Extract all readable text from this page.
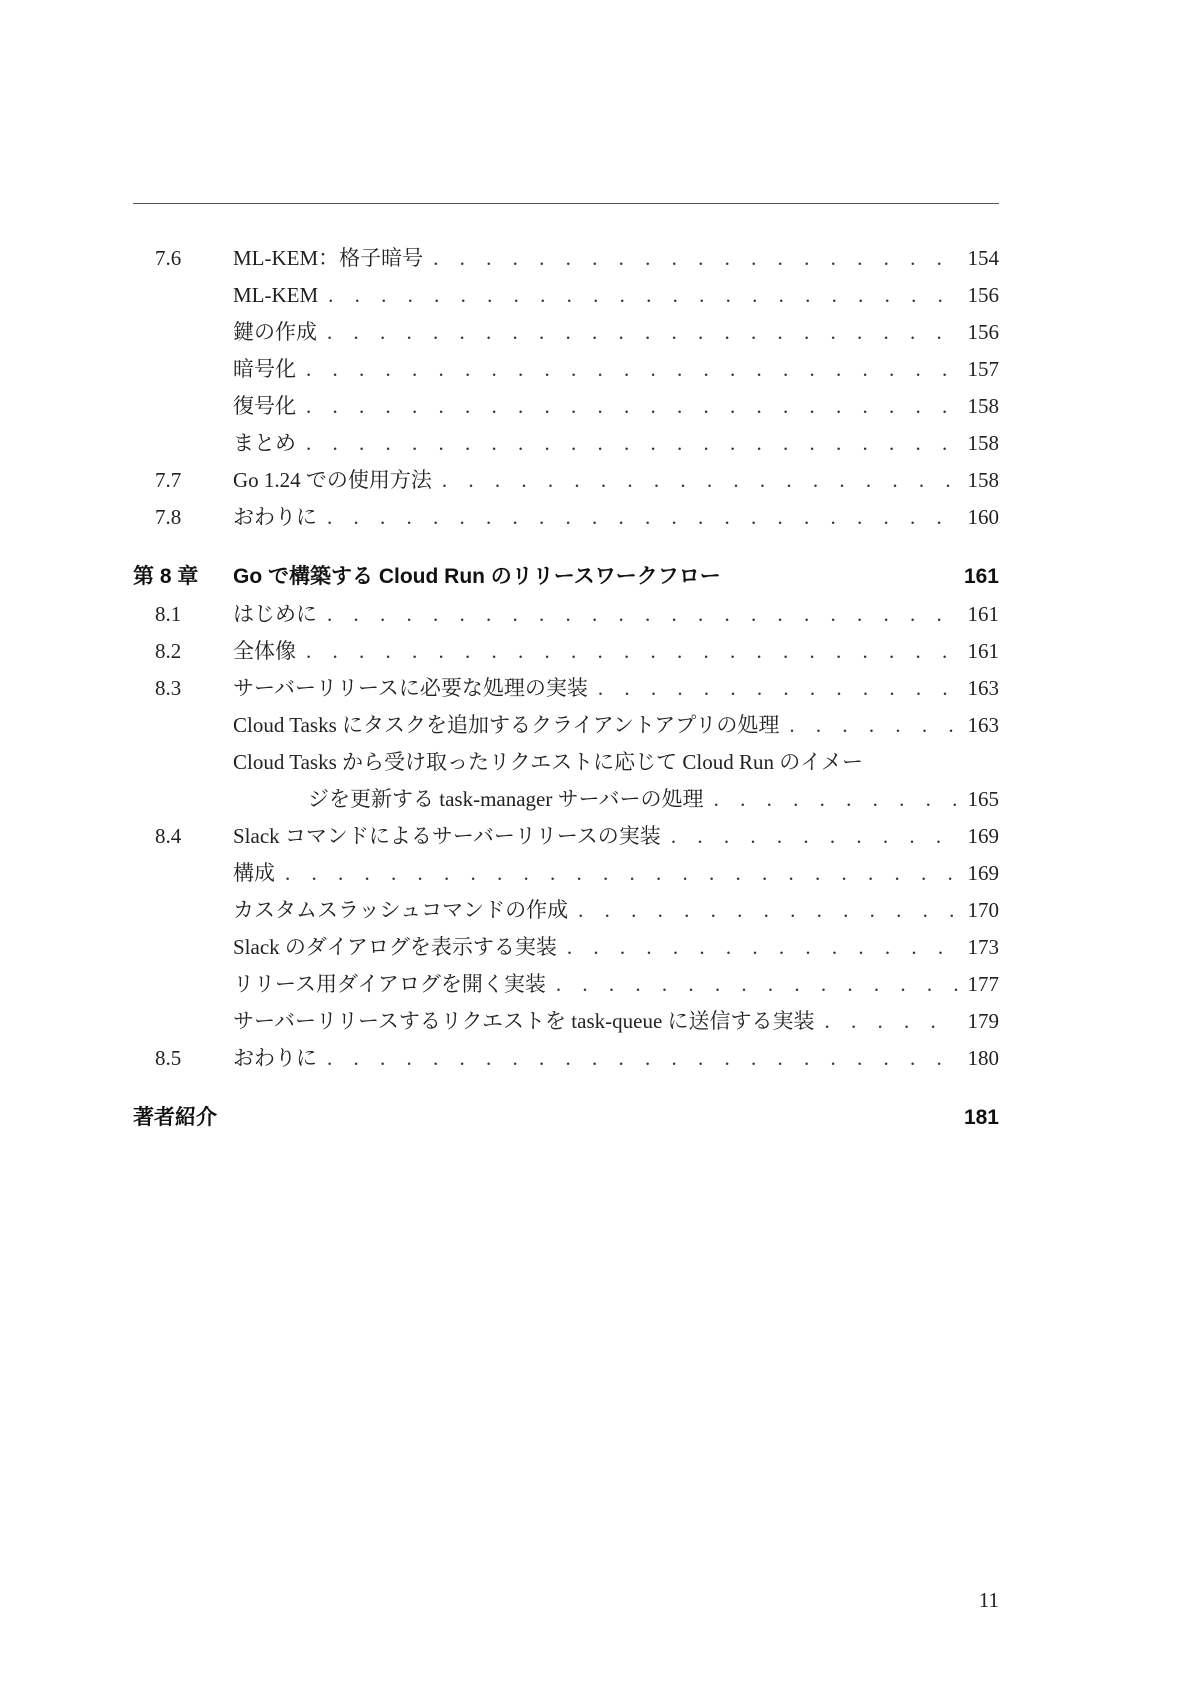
7.6 ML-KEM：格子暗号 . . .	154
ML-KEM . . .	156
鍵の作成 . . .	156
暗号化 . . .	157
復号化 . . .	158
まとめ . . .	158
7.7 Go 1.24 での使用方法 . . .	158
7.8 おわりに . . .	160
第 8 章 Go で構築する Cloud Run のリリースワークフロー	161
8.1 はじめに . . .	161
8.2 全体像 . . .	161
8.3 サーバーリリースに必要な処理の実装 . . .	163
Cloud Tasks にタスクを追加するクライアントアプリの処理 . . .	163
Cloud Tasks から受け取ったリクエストに応じて Cloud Run のイメー
ジを更新する task-manager サーバーの処理 . . .	165
8.4 Slack コマンドによるサーバーリリースの実装 . . .	169
構成 . . .	169
カスタムスラッシュコマンドの作成 . . .	170
Slack のダイアログを表示する実装 . . .	173
リリース用ダイアログを開く実装 . . .	177
サーバーリリースするリクエストを task-queue に送信する実装 . . .	179
8.5 おわりに . . .	180
著者紹介	181
11
